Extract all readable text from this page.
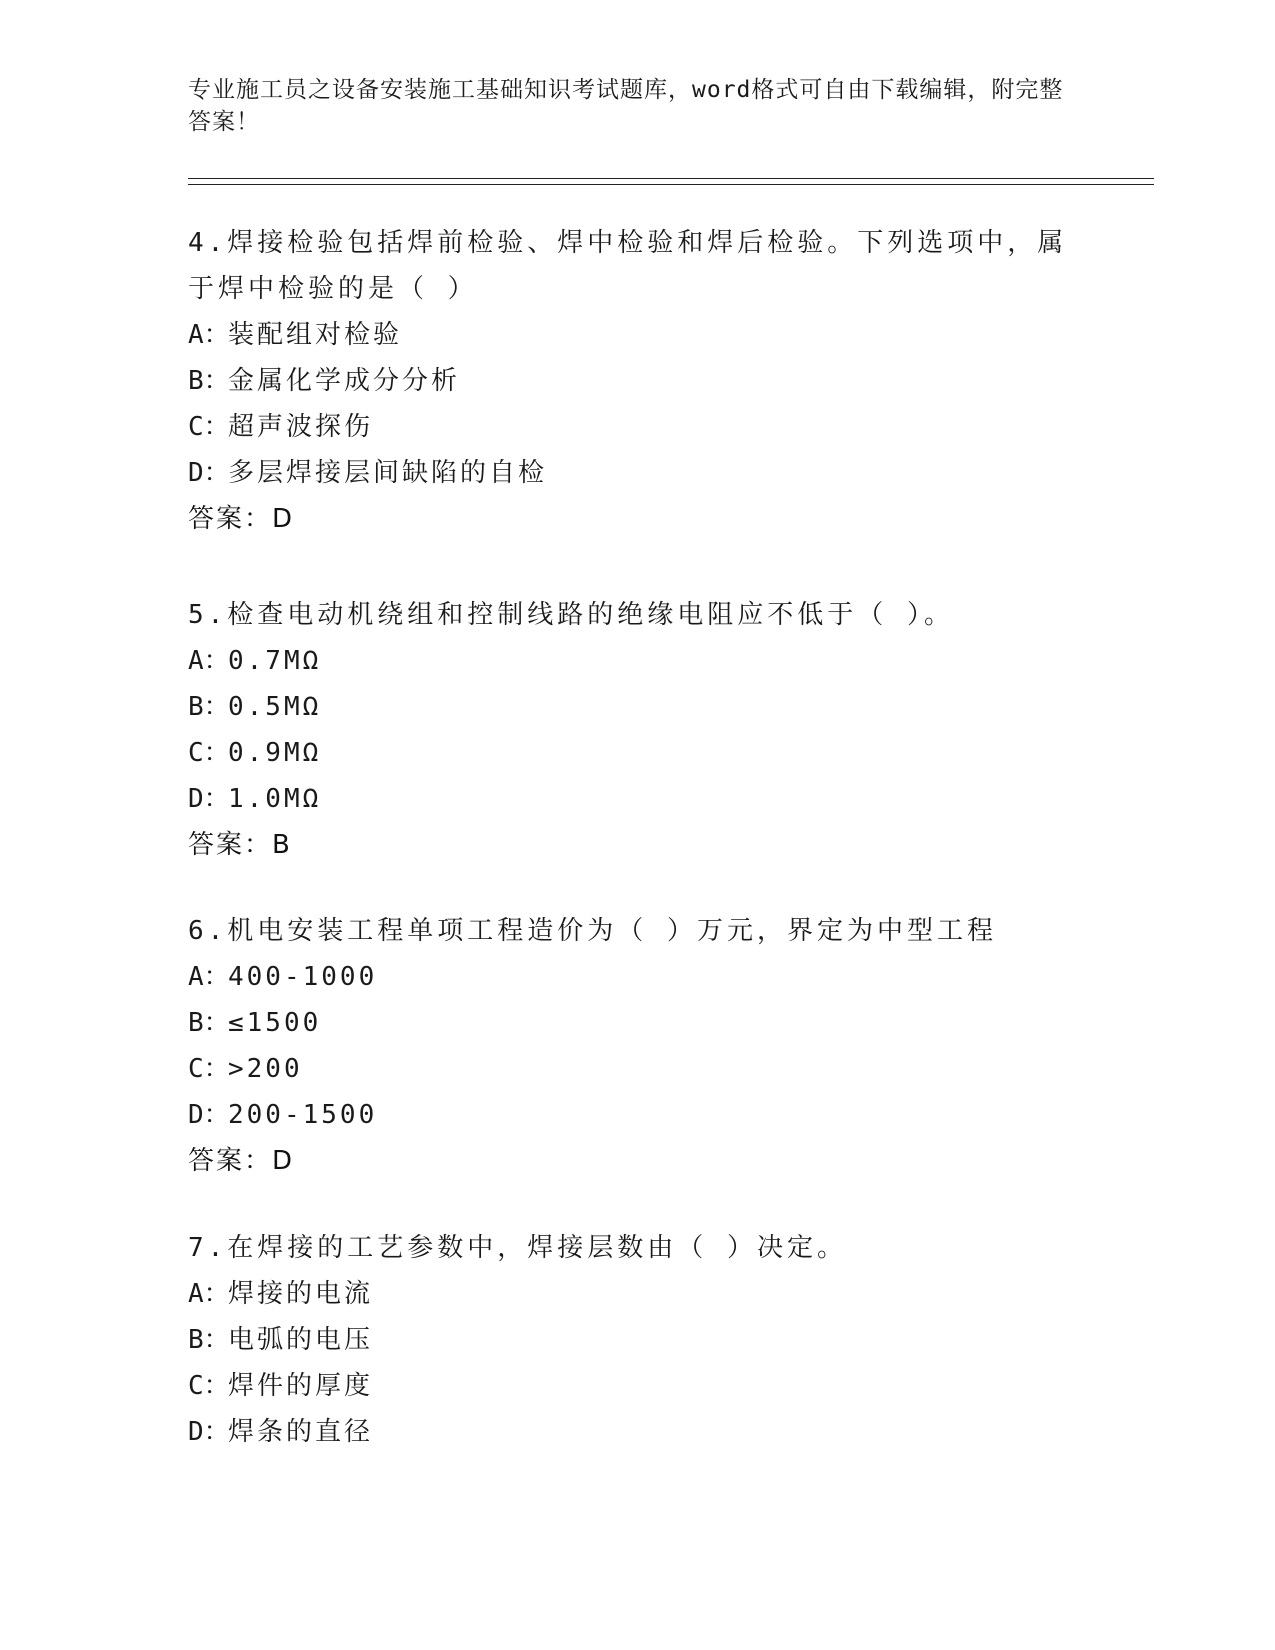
专业施工员之设备安装施工基础知识考试题库，word格式可自由下载编辑，附完整答案！
4.焊接检验包括焊前检验、焊中检验和焊后检验。下列选项中，属于焊中检验的是（ ）
A：装配组对检验
B：金属化学成分分析
C：超声波探伤
D：多层焊接层间缺陷的自检
答案：D
5.检查电动机绕组和控制线路的绝缘电阻应不低于（ ）。
A：0.7MΩ
B：0.5MΩ
C：0.9MΩ
D：1.0MΩ
答案：B
6.机电安装工程单项工程造价为（ ）万元，界定为中型工程
A：400-1000
B：≤1500
C：>200
D：200-1500
答案：D
7.在焊接的工艺参数中，焊接层数由（ ）决定。
A：焊接的电流
B：电弧的电压
C：焊件的厚度
D：焊条的直径
